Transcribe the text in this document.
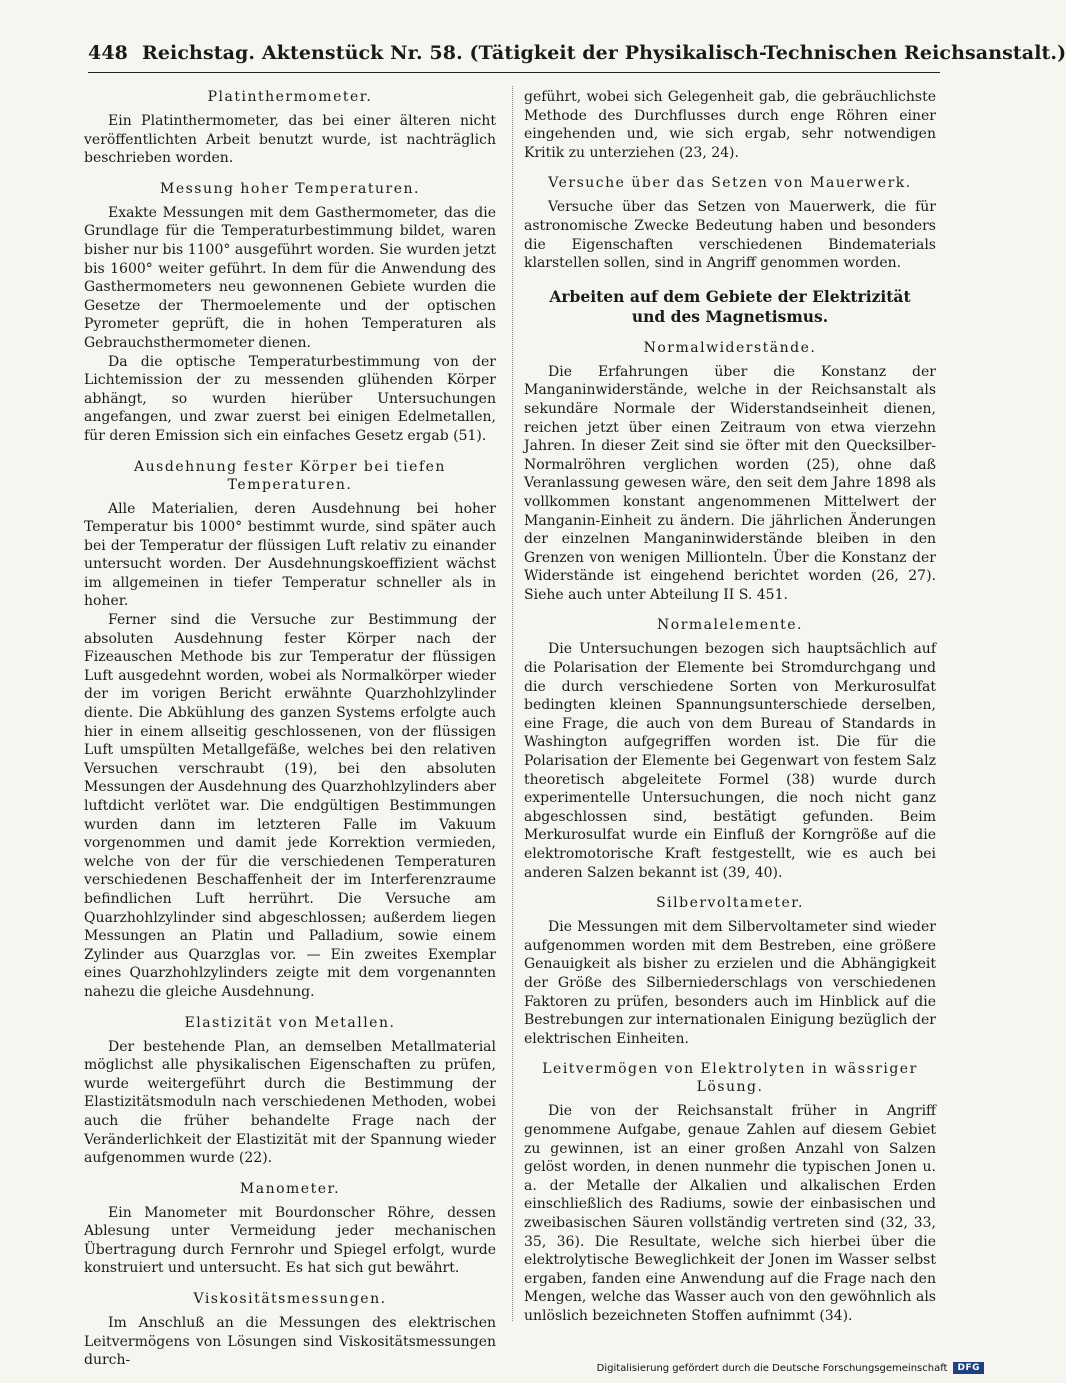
448 Reichstag. Aktenstück Nr. 58. (Tätigkeit der Physikalisch-Technischen Reichsanstalt.)
Platinthermometer.

Ein Platinthermometer, das bei einer älteren nicht veröffentlichten Arbeit benutzt wurde, ist nachträglich beschrieben worden.

Messung hoher Temperaturen.

Exakte Messungen mit dem Gasthermometer, das die Grundlage für die Temperaturbestimmung bildet, waren bisher nur bis 1100° ausgeführt worden. Sie wurden jetzt bis 1600° weiter geführt. In dem für die Anwendung des Gasthermometers neu gewonnenen Gebiete wurden die Gesetze der Thermoelemente und der optischen Pyrometer geprüft, die in hohen Temperaturen als Gebrauchsthermometer dienen.

Da die optische Temperaturbestimmung von der Lichtemission der zu messenden glühenden Körper abhängt, so wurden hierüber Untersuchungen angefangen, und zwar zuerst bei einigen Edelmetallen, für deren Emission sich ein einfaches Gesetz ergab (51).

Ausdehnung fester Körper bei tiefen Temperaturen.

Alle Materialien, deren Ausdehnung bei hoher Temperatur bis 1000° bestimmt wurde, sind später auch bei der Temperatur der flüssigen Luft relativ zu einander untersucht worden. Der Ausdehnungskoeffizient wächst im allgemeinen in tiefer Temperatur schneller als in hoher.

Ferner sind die Versuche zur Bestimmung der absoluten Ausdehnung fester Körper nach der Fizeauschen Methode bis zur Temperatur der flüssigen Luft ausgedehnt worden, wobei als Normalkörper wieder der im vorigen Bericht erwähnte Quarzhohlzylinder diente. Die Abkühlung des ganzen Systems erfolgte auch hier in einem allseitig geschlossenen, von der flüssigen Luft umspülten Metallgefäße, welches bei den relativen Versuchen verschraubt (19), bei den absoluten Messungen der Ausdehnung des Quarzhohlzylinders aber luftdicht verlötet war. Die endgültigen Bestimmungen wurden dann im letzteren Falle im Vakuum vorgenommen und damit jede Korrektion vermieden, welche von der für die verschiedenen Temperaturen verschiedenen Beschaffenheit der im Interferenzraume befindlichen Luft herrührt. Die Versuche am Quarzhohlzylinder sind abgeschlossen; außerdem liegen Messungen an Platin und Palladium, sowie einem Zylinder aus Quarzglas vor. — Ein zweites Exemplar eines Quarzhohlzylinders zeigte mit dem vorgenannten nahezu die gleiche Ausdehnung.

Elastizität von Metallen.

Der bestehende Plan, an demselben Metallmaterial möglichst alle physikalischen Eigenschaften zu prüfen, wurde weitergeführt durch die Bestimmung der Elastizitätsmoduln nach verschiedenen Methoden, wobei auch die früher behandelte Frage nach der Veränderlichkeit der Elastizität mit der Spannung wieder aufgenommen wurde (22).

Manometer.

Ein Manometer mit Bourdonscher Röhre, dessen Ablesung unter Vermeidung jeder mechanischen Übertragung durch Fernrohr und Spiegel erfolgt, wurde konstruiert und untersucht. Es hat sich gut bewährt.

Viskositätsmessungen.

Im Anschluß an die Messungen des elektrischen Leitvermögens von Lösungen sind Viskositätsmessungen durch-

geführt, wobei sich Gelegenheit gab, die gebräuchlichste Methode des Durchflusses durch enge Röhren einer eingehenden und, wie sich ergab, sehr notwendigen Kritik zu unterziehen (23, 24).

Versuche über das Setzen von Mauerwerk.

Versuche über das Setzen von Mauerwerk, die für astronomische Zwecke Bedeutung haben und besonders die Eigenschaften verschiedenen Bindematerials klarstellen sollen, sind in Angriff genommen worden.

Arbeiten auf dem Gebiete der Elektrizität
und des Magnetismus.
Normalwiderstände.

Die Erfahrungen über die Konstanz der Manganinwiderstände, welche in der Reichsanstalt als sekundäre Normale der Widerstandseinheit dienen, reichen jetzt über einen Zeitraum von etwa vierzehn Jahren. In dieser Zeit sind sie öfter mit den Quecksilber-Normalröhren verglichen worden (25), ohne daß Veranlassung gewesen wäre, den seit dem Jahre 1898 als vollkommen konstant angenommenen Mittelwert der Manganin-Einheit zu ändern. Die jährlichen Änderungen der einzelnen Manganinwiderstände bleiben in den Grenzen von wenigen Millionteln. Über die Konstanz der Widerstände ist eingehend berichtet worden (26, 27). Siehe auch unter Abteilung II S. 451.

Normalelemente.

Die Untersuchungen bezogen sich hauptsächlich auf die Polarisation der Elemente bei Stromdurchgang und die durch verschiedene Sorten von Merkurosulfat bedingten kleinen Spannungsunterschiede derselben, eine Frage, die auch von dem Bureau of Standards in Washington aufgegriffen worden ist. Die für die Polarisation der Elemente bei Gegenwart von festem Salz theoretisch abgeleitete Formel (38) wurde durch experimentelle Untersuchungen, die noch nicht ganz abgeschlossen sind, bestätigt gefunden. Beim Merkurosulfat wurde ein Einfluß der Korngröße auf die elektromotorische Kraft festgestellt, wie es auch bei anderen Salzen bekannt ist (39, 40).

Silbervoltameter.

Die Messungen mit dem Silbervoltameter sind wieder aufgenommen worden mit dem Bestreben, eine größere Genauigkeit als bisher zu erzielen und die Abhängigkeit der Größe des Silberniederschlags von verschiedenen Faktoren zu prüfen, besonders auch im Hinblick auf die Bestrebungen zur internationalen Einigung bezüglich der elektrischen Einheiten.

Leitvermögen von Elektrolyten in wässriger Lösung.

Die von der Reichsanstalt früher in Angriff genommene Aufgabe, genaue Zahlen auf diesem Gebiet zu gewinnen, ist an einer großen Anzahl von Salzen gelöst worden, in denen nunmehr die typischen Jonen u. a. der Metalle der Alkalien und alkalischen Erden einschließlich des Radiums, sowie der einbasischen und zweibasischen Säuren vollständig vertreten sind (32, 33, 35, 36). Die Resultate, welche sich hierbei über die elektrolytische Beweglichkeit der Jonen im Wasser selbst ergaben, fanden eine Anwendung auf die Frage nach den Mengen, welche das Wasser auch von den gewöhnlich als unlöslich bezeichneten Stoffen aufnimmt (34).

Digitalisierung gefördert durch die Deutsche Forschungsgemeinschaft	DFG
